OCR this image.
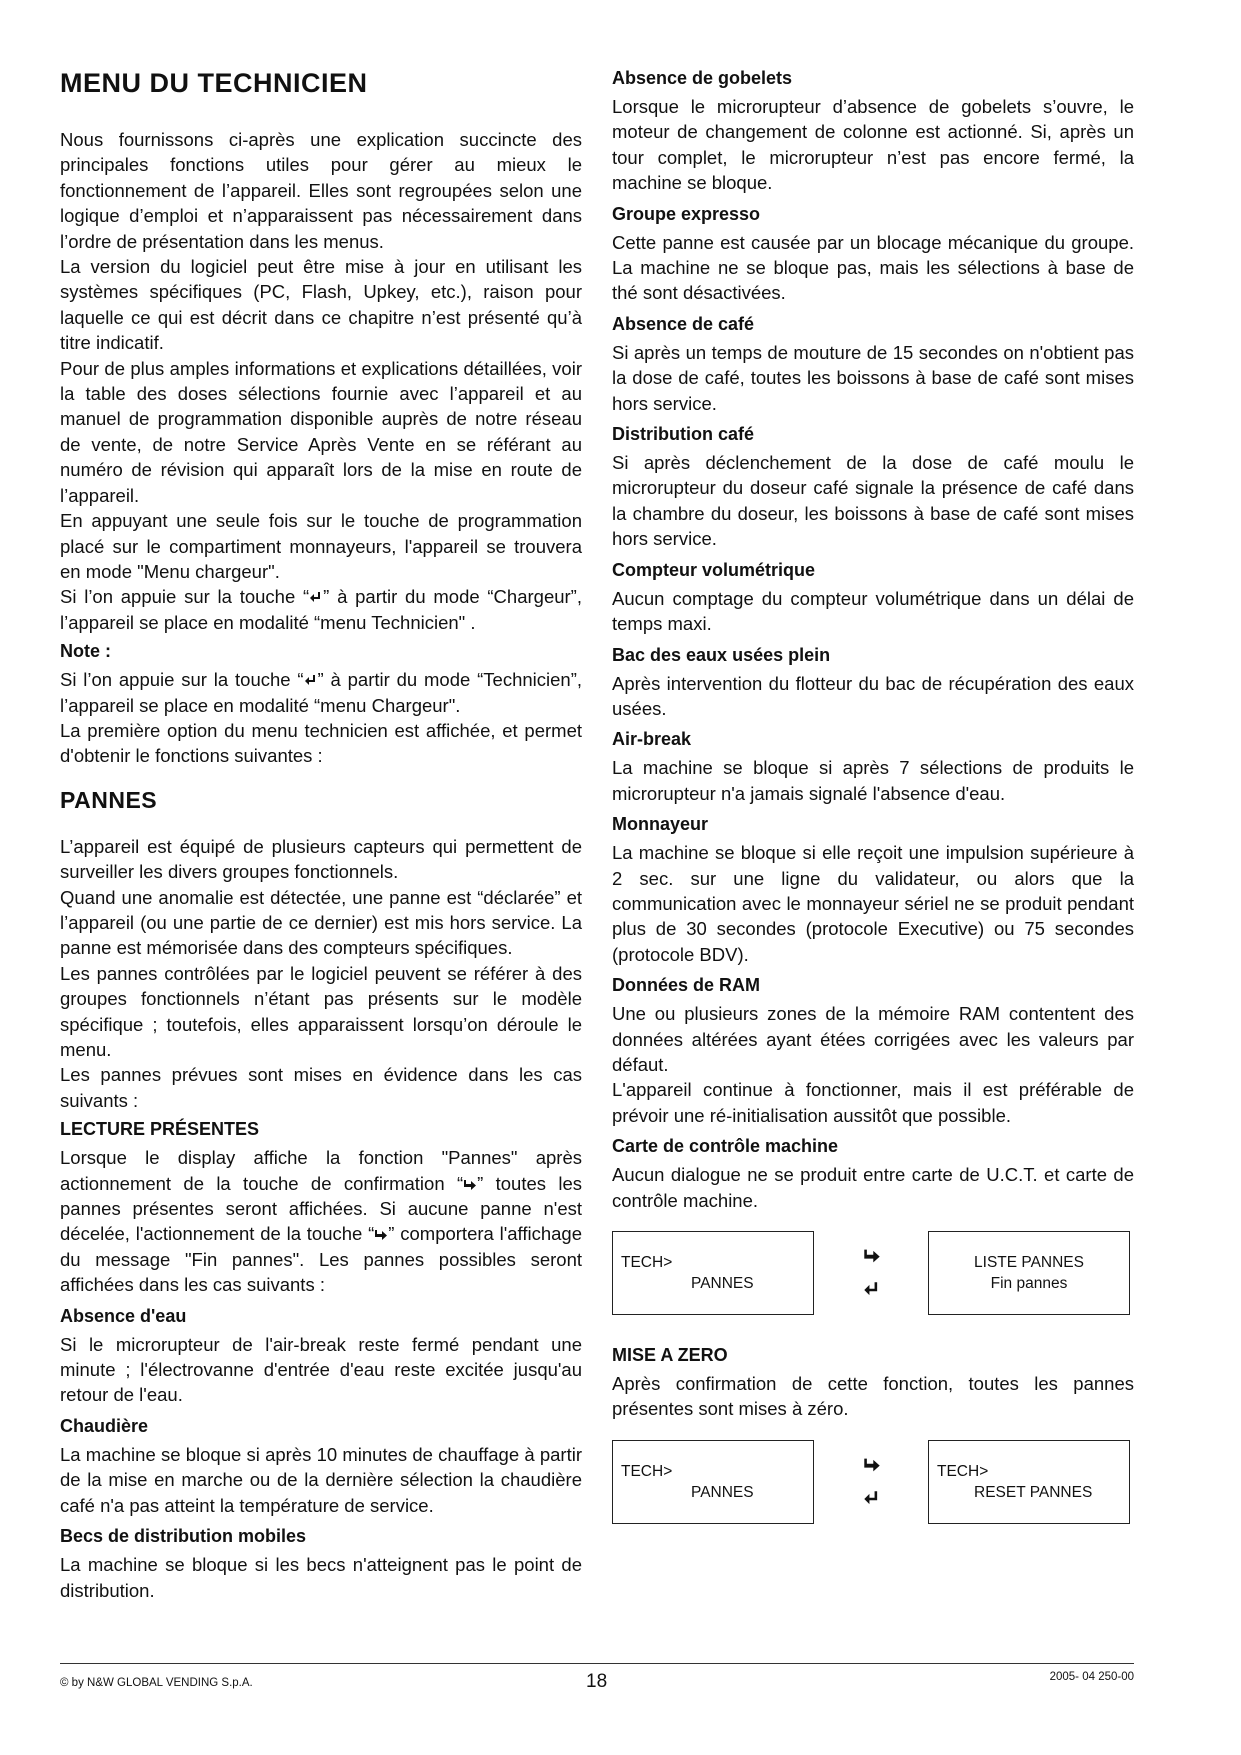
MENU DU TECHNICIEN

Nous fournissons ci-après une explication succincte des principales fonctions utiles pour gérer au mieux le fonctionnement de l’appareil. Elles sont regroupées selon une logique d’emploi et n’apparaissent pas nécessairement dans l’ordre de présentation dans les menus.

La version du logiciel peut être mise à jour en utilisant les systèmes spécifiques (PC, Flash, Upkey, etc.), raison pour laquelle ce qui est décrit dans ce chapitre n’est présenté qu’à titre indicatif.

Pour de plus amples informations et explications détaillées, voir la table des doses sélections fournie avec l’appareil et au manuel de programmation disponible auprès de notre réseau de vente, de notre Service Après Vente en se référant au numéro de révision qui apparaît lors de la mise en route de l’appareil.

En appuyant une seule fois sur le touche de programmation placé sur le compartiment monnayeurs, l'appareil se trouvera en mode "Menu chargeur".

Si l’on appuie sur la touche “ ” à partir du mode “Chargeur”, l’appareil se place en modalité “menu Technicien" .

Note :

Si l’on appuie sur la touche “ ” à partir du mode “Technicien”, l’appareil se place en modalité “menu Chargeur".

La première option du menu technicien est affichée, et permet d'obtenir le fonctions suivantes :

PANNES

L’appareil est équipé de plusieurs capteurs qui permettent de surveiller les divers groupes fonctionnels.

Quand une anomalie est détectée, une panne est “déclarée” et l’appareil (ou une partie de ce dernier) est mis hors service. La panne est mémorisée dans des compteurs spécifiques.

Les pannes contrôlées par le logiciel peuvent se référer à des groupes fonctionnels n’étant pas présents sur le modèle spécifique ; toutefois, elles apparaissent lorsqu’on déroule le menu.

Les pannes prévues sont mises en évidence dans les cas suivants :

LECTURE PRÉSENTES

Lorsque le display affiche la fonction "Pannes" après actionnement de la touche de confirmation “ ” toutes les pannes présentes seront affichées. Si aucune panne n'est décelée, l'actionnement de la touche “ ” comportera l'affichage du message "Fin pannes". Les pannes possibles seront affichées dans les cas suivants :

Absence d'eau

Si le microrupteur de l'air-break reste fermé pendant une minute ; l'électrovanne d'entrée d'eau reste excitée jusqu'au retour de l'eau.

Chaudière

La machine se bloque si après 10 minutes de chauffage à partir de la mise en marche ou de la dernière sélection la chaudière café n'a pas atteint la température de service.

Becs de distribution mobiles

La machine se bloque si les becs n'atteignent pas le point de distribution.

Absence de gobelets

Lorsque le microrupteur d’absence de gobelets s’ouvre, le moteur de changement de colonne est actionné. Si, après un tour complet, le microrupteur n’est pas encore fermé, la machine se bloque.

Groupe expresso

Cette panne est causée par un blocage mécanique du groupe. La machine ne se bloque pas, mais les sélections à base de thé sont désactivées.

Absence de café

Si après un temps de mouture de 15 secondes on n'obtient pas la dose de café, toutes les boissons à base de café sont mises hors service.

Distribution café

Si après déclenchement de la dose de café moulu le microrupteur du doseur café signale la présence de café dans la chambre du doseur, les boissons à base de café sont mises hors service.

Compteur volumétrique

Aucun comptage du compteur volumétrique dans un délai de temps maxi.

Bac des eaux usées plein

Après intervention du flotteur du bac de récupération des eaux usées.

Air-break

La machine se bloque si après 7 sélections de produits le microrupteur n'a jamais signalé l'absence d'eau.

Monnayeur

La machine se bloque si elle reçoit une impulsion supérieure à 2 sec. sur une ligne du validateur, ou alors que la communication avec le monnayeur sériel ne se produit pendant plus de 30 secondes (protocole Executive) ou 75 secondes (protocole BDV).

Données de RAM

Une ou plusieurs zones de la mémoire RAM contentent des données altérées ayant étées corrigées avec les valeurs par défaut.

L'appareil continue à fonctionner, mais il est préférable de prévoir une ré-initialisation aussitôt que possible.

Carte de contrôle machine

Aucun dialogue ne se produit entre carte de U.C.T. et carte de contrôle machine.

TECH>
PANNES
LISTE PANNES
Fin pannes
MISE A ZERO

Après confirmation de cette fonction, toutes les pannes présentes sont mises à zéro.

TECH>
PANNES
TECH>
RESET PANNES
© by N&W GLOBAL VENDING S.p.A.	18	2005- 04 250-00
